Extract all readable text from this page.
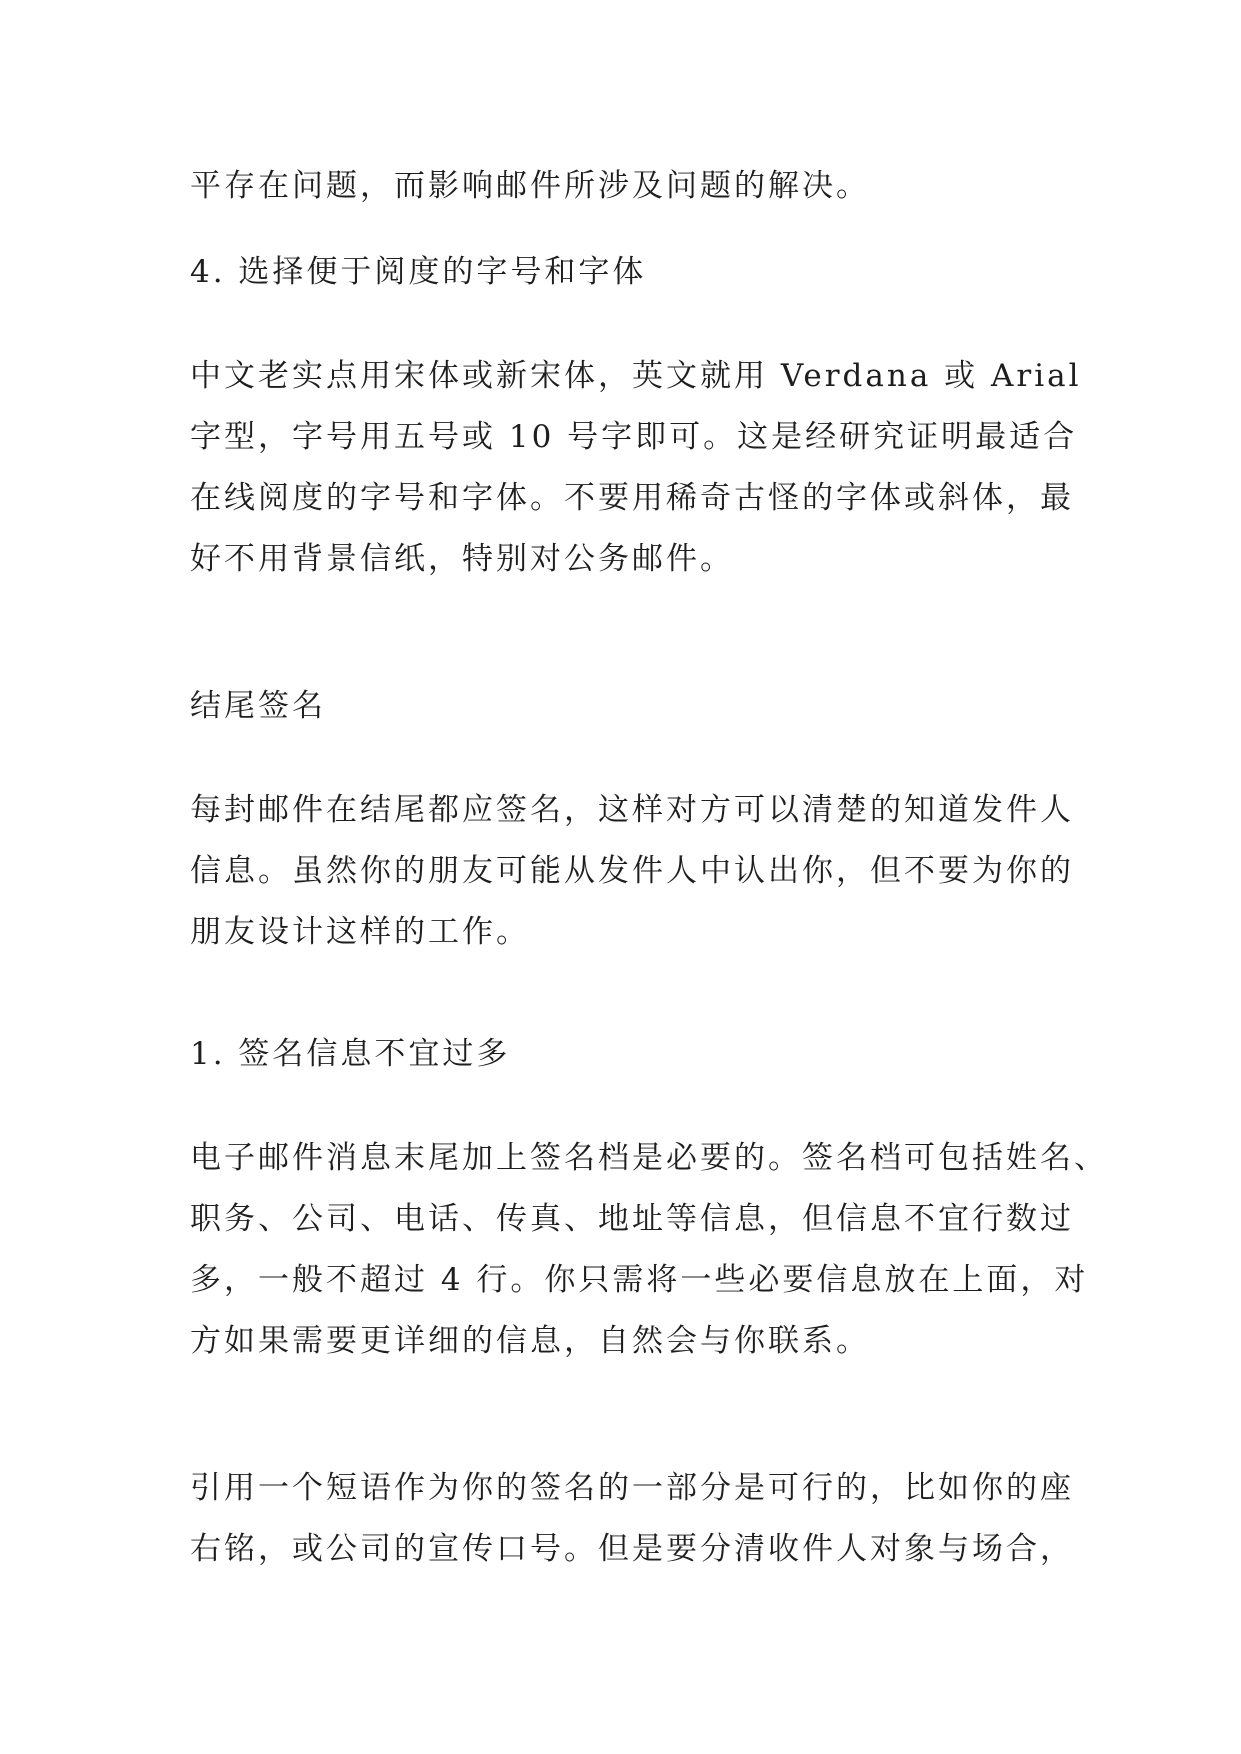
平存在问题，而影响邮件所涉及问题的解决。

4. 选择便于阅度的字号和字体

中文老实点用宋体或新宋体，英文就用 Verdana 或 Arial
字型，字号用五号或 10 号字即可。这是经研究证明最适合
在线阅度的字号和字体。不要用稀奇古怪的字体或斜体，最
好不用背景信纸，特别对公务邮件。

结尾签名

每封邮件在结尾都应签名，这样对方可以清楚的知道发件人
信息。虽然你的朋友可能从发件人中认出你，但不要为你的
朋友设计这样的工作。

1. 签名信息不宜过多

电子邮件消息末尾加上签名档是必要的。签名档可包括姓名、
职务、公司、电话、传真、地址等信息，但信息不宜行数过
多，一般不超过 4 行。你只需将一些必要信息放在上面，对
方如果需要更详细的信息，自然会与你联系。

引用一个短语作为你的签名的一部分是可行的，比如你的座
右铭，或公司的宣传口号。但是要分清收件人对象与场合，
